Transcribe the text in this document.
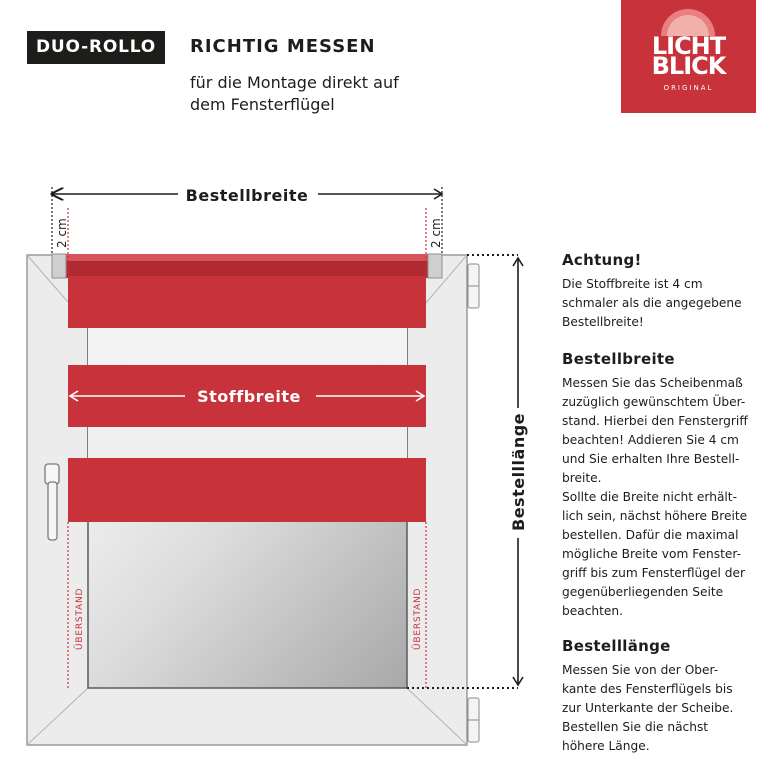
DUO-ROLLO	RICHTIG MESSEN
für die Montage direkt auf
dem Fensterflügel
LICHT
BLICK
ORIGINAL
Bestellbreite
2 cm	2 cm
Stoffbreite
ÜBERSTAND	ÜBERSTAND
Bestelllänge
Achtung!
Die Stoffbreite ist 4 cm
schmaler als die angegebene
Bestellbreite!
Bestellbreite
Messen Sie das Scheibenmaß
zuzüglich gewünschtem Über-
stand. Hierbei den Fenstergriff
beachten! Addieren Sie 4 cm
und Sie erhalten Ihre Bestell-
breite.
Sollte die Breite nicht erhält-
lich sein, nächst höhere Breite
bestellen. Dafür die maximal
mögliche Breite vom Fenster-
griff bis zum Fensterflügel der
gegenüberliegenden Seite
beachten.
Bestelllänge
Messen Sie von der Ober-
kante des Fensterflügels bis
zur Unterkante der Scheibe.
Bestellen Sie die nächst
höhere Länge.
